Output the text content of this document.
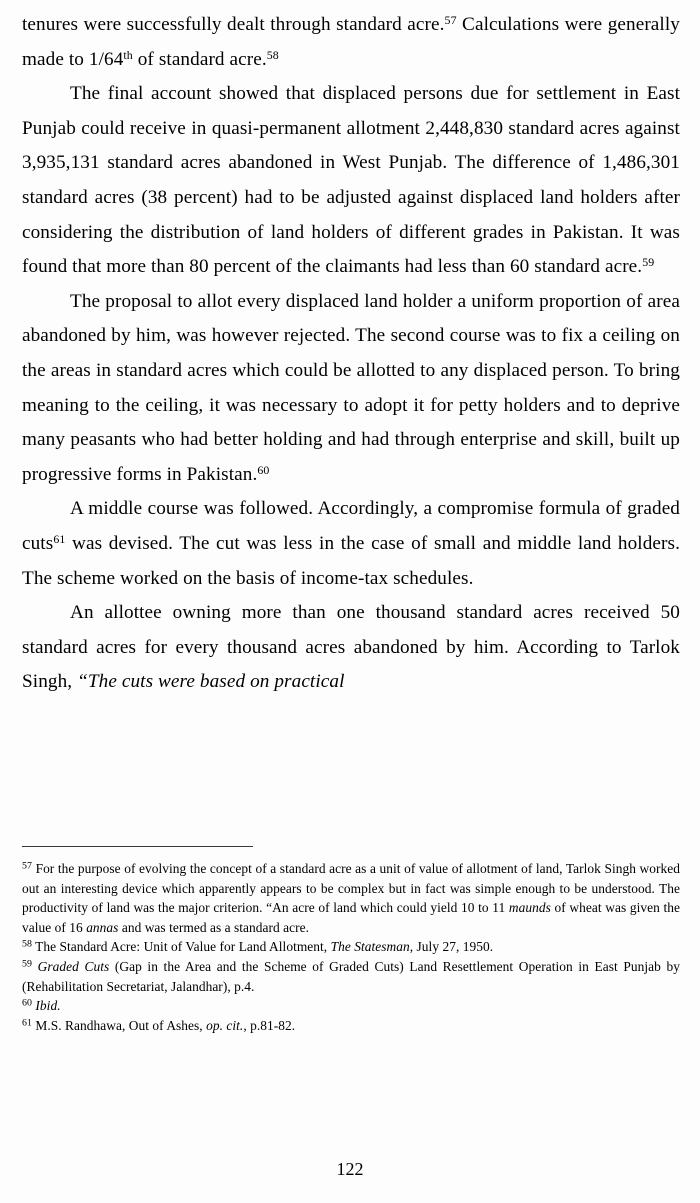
tenures were successfully dealt through standard acre.$^{57}$ Calculations were generally made to 1/64th of standard acre.$^{58}$

The final account showed that displaced persons due for settlement in East Punjab could receive in quasi-permanent allotment 2,448,830 standard acres against 3,935,131 standard acres abandoned in West Punjab. The difference of 1,486,301 standard acres (38 percent) had to be adjusted against displaced land holders after considering the distribution of land holders of different grades in Pakistan. It was found that more than 80 percent of the claimants had less than 60 standard acre.$^{59}$

The proposal to allot every displaced land holder a uniform proportion of area abandoned by him, was however rejected. The second course was to fix a ceiling on the areas in standard acres which could be allotted to any displaced person. To bring meaning to the ceiling, it was necessary to adopt it for petty holders and to deprive many peasants who had better holding and had through enterprise and skill, built up progressive forms in Pakistan.$^{60}$

A middle course was followed. Accordingly, a compromise formula of graded cuts$^{61}$ was devised. The cut was less in the case of small and middle land holders. The scheme worked on the basis of income-tax schedules.

An allottee owning more than one thousand standard acres received 50 standard acres for every thousand acres abandoned by him. According to Tarlok Singh, “The cuts were based on practical

$^{57}$ For the purpose of evolving the concept of a standard acre as a unit of value of allotment of land, Tarlok Singh worked out an interesting device which apparently appears to be complex but in fact was simple enough to be understood. The productivity of land was the major criterion. “An acre of land which could yield 10 to 11 maunds of wheat was given the value of 16 annas and was termed as a standard acre.

$^{58}$ The Standard Acre: Unit of Value for Land Allotment, The Statesman, July 27, 1950.

$^{59}$ Graded Cuts (Gap in the Area and the Scheme of Graded Cuts) Land Resettlement Operation in East Punjab by (Rehabilitation Secretariat, Jalandhar), p.4.

$^{60}$ Ibid.

$^{61}$ M.S. Randhawa, Out of Ashes, op. cit., p.81-82.

122
